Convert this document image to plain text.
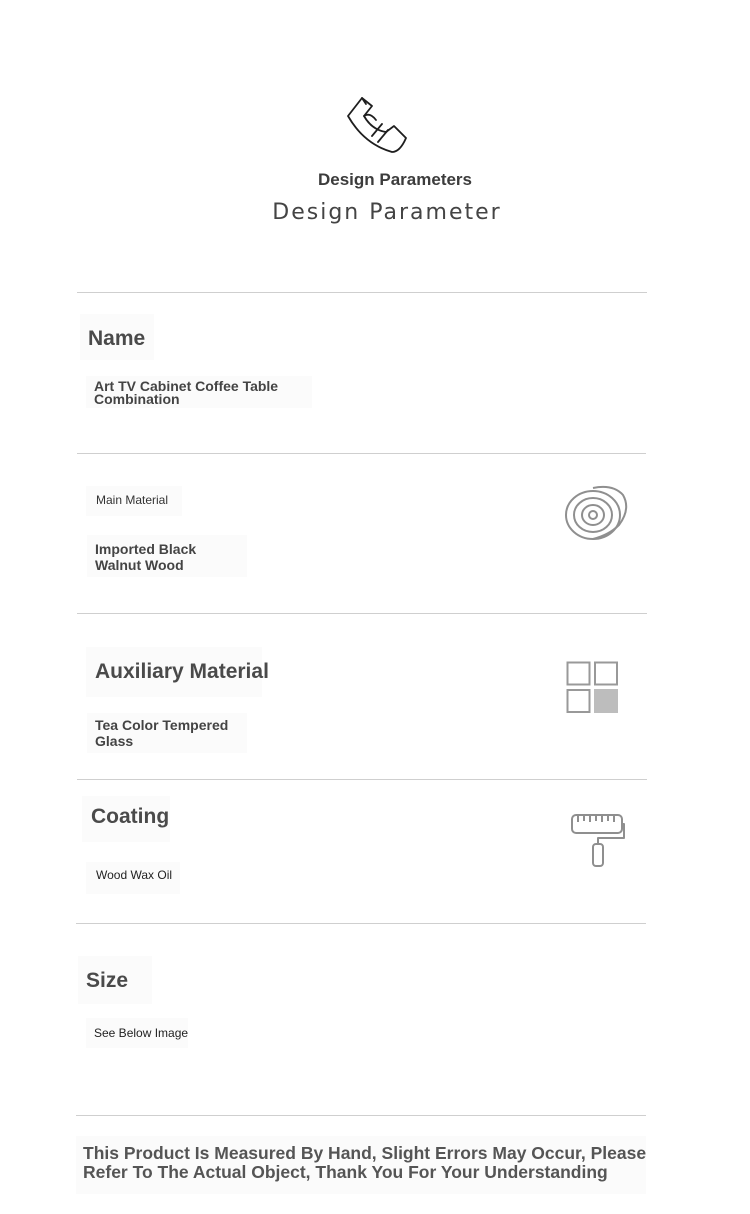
Design Parameters
Design Parameter
Name
Art TV Cabinet Coffee Table Combination
Main Material
Imported Black Walnut Wood
Auxiliary Material
Tea Color Tempered Glass
Coating
Wood Wax Oil
Size
See Below Image
This Product Is Measured By Hand, Slight Errors May Occur, Please Refer To The Actual Object, Thank You For Your Understanding
